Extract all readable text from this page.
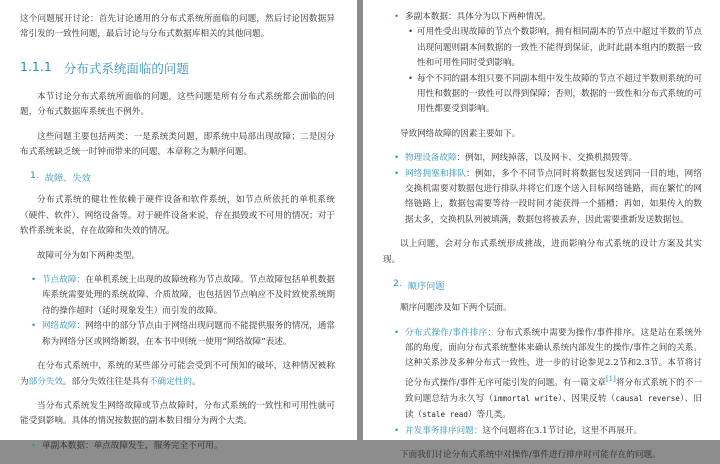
这个问题展开讨论：首先讨论通用的分布式系统所面临的问题，然后讨论因数据异常引发的一致性问题，最后讨论与分布式数据库相关的其他问题。

1.1.1 分布式系统面临的问题

本节讨论分布式系统所面临的问题，这些问题是所有分布式系统都会面临的问题，分布式数据库系统也不例外。

这些问题主要包括两类：一是系统类问题，即系统中局部出现故障；二是因分布式系统缺乏统一时钟而带来的问题，本章称之为顺序问题。

1. 故障、失效

分布式系统的健壮性依赖于硬件设备和软件系统，如节点所依托的单机系统（硬件、软件）、网络设备等。对于硬件设备来说，存在损毁或不可用的情况；对于软件系统来说，存在故障和失效的情况。

故障可分为如下两种类型。

• 节点故障：在单机系统上出现的故障统称为节点故障。节点故障包括单机数据库系统需要处理的系统故障、介质故障，也包括因节点响应不及时致使系统期待的操作超时（延时现象发生）而引发的故障。
• 网络故障：网络中的部分节点由于网络出现问题而不能提供服务的情况，通常称为网络分区或网络断裂，在本书中则统一使用“网络故障”表述。

在分布式系统中，系统的某些部分可能会受到不可预知的破坏，这种情况被称为部分失效。部分失效往往是具有不确定性的。

当分布式系统发生网络故障或节点故障时，分布式系统的一致性和可用性就可能受到影响。具体的情况按数据的副本数目细分为两个大类。

• 单副本数据：单点故障发生，服务完全不可用。
• 多副本数据：具体分为以下两种情况。
• 可用性受出现故障的节点个数影响，拥有相同副本的节点中超过半数的节点出现问题则副本间数据的一致性不能得到保证，此时此副本组内的数据一致性和可用性同时受到影响。
• 每个不同的副本组只要不同副本组中发生故障的节点不超过半数则系统的可用性和数据的一致性可以得到保障；否则，数据的一致性和分布式系统的可用性都要受到影响。

导致网络故障的因素主要如下。

• 物理设备故障：例如，网线掉落，以及网卡、交换机损毁等。
• 网络拥塞和排队：例如，多个不同节点同时将数据包发送到同一目的地，网络交换机需要对数据包进行排队并将它们逐个送入目标网络链路，而在繁忙的网络链路上，数据包需要等待一段时间才能获得一个插槽；再如，如果传入的数据太多，交换机队列被填满，数据包将被丢弃，因此需要重新发送数据包。

以上问题，会对分布式系统形成挑战，进而影响分布式系统的设计方案及其实现。

2. 顺序问题

顺序问题涉及如下两个层面。

• 分布式操作/事件排序：分布式系统中需要为操作/事件排序。这是站在系统外部的角度，面向分布式系统整体来确认系统内部发生的操作/事件之间的关系。这种关系涉及多种分布式一致性，进一步的讨论参见2.2节和2.3节。本节将讨论分布式操作/事件无序可能引发的问题。有一篇文章[1]将分布式系统下的不一致问题总结为永久写（immortal write）、因果反转（causal reverse）、旧读（stale read）等几类。
• 并发事务排序问题：这个问题将在3.1节讨论，这里不再展开。

下面我们讨论分布式系统中对操作/事件进行排序时可能存在的问题。
